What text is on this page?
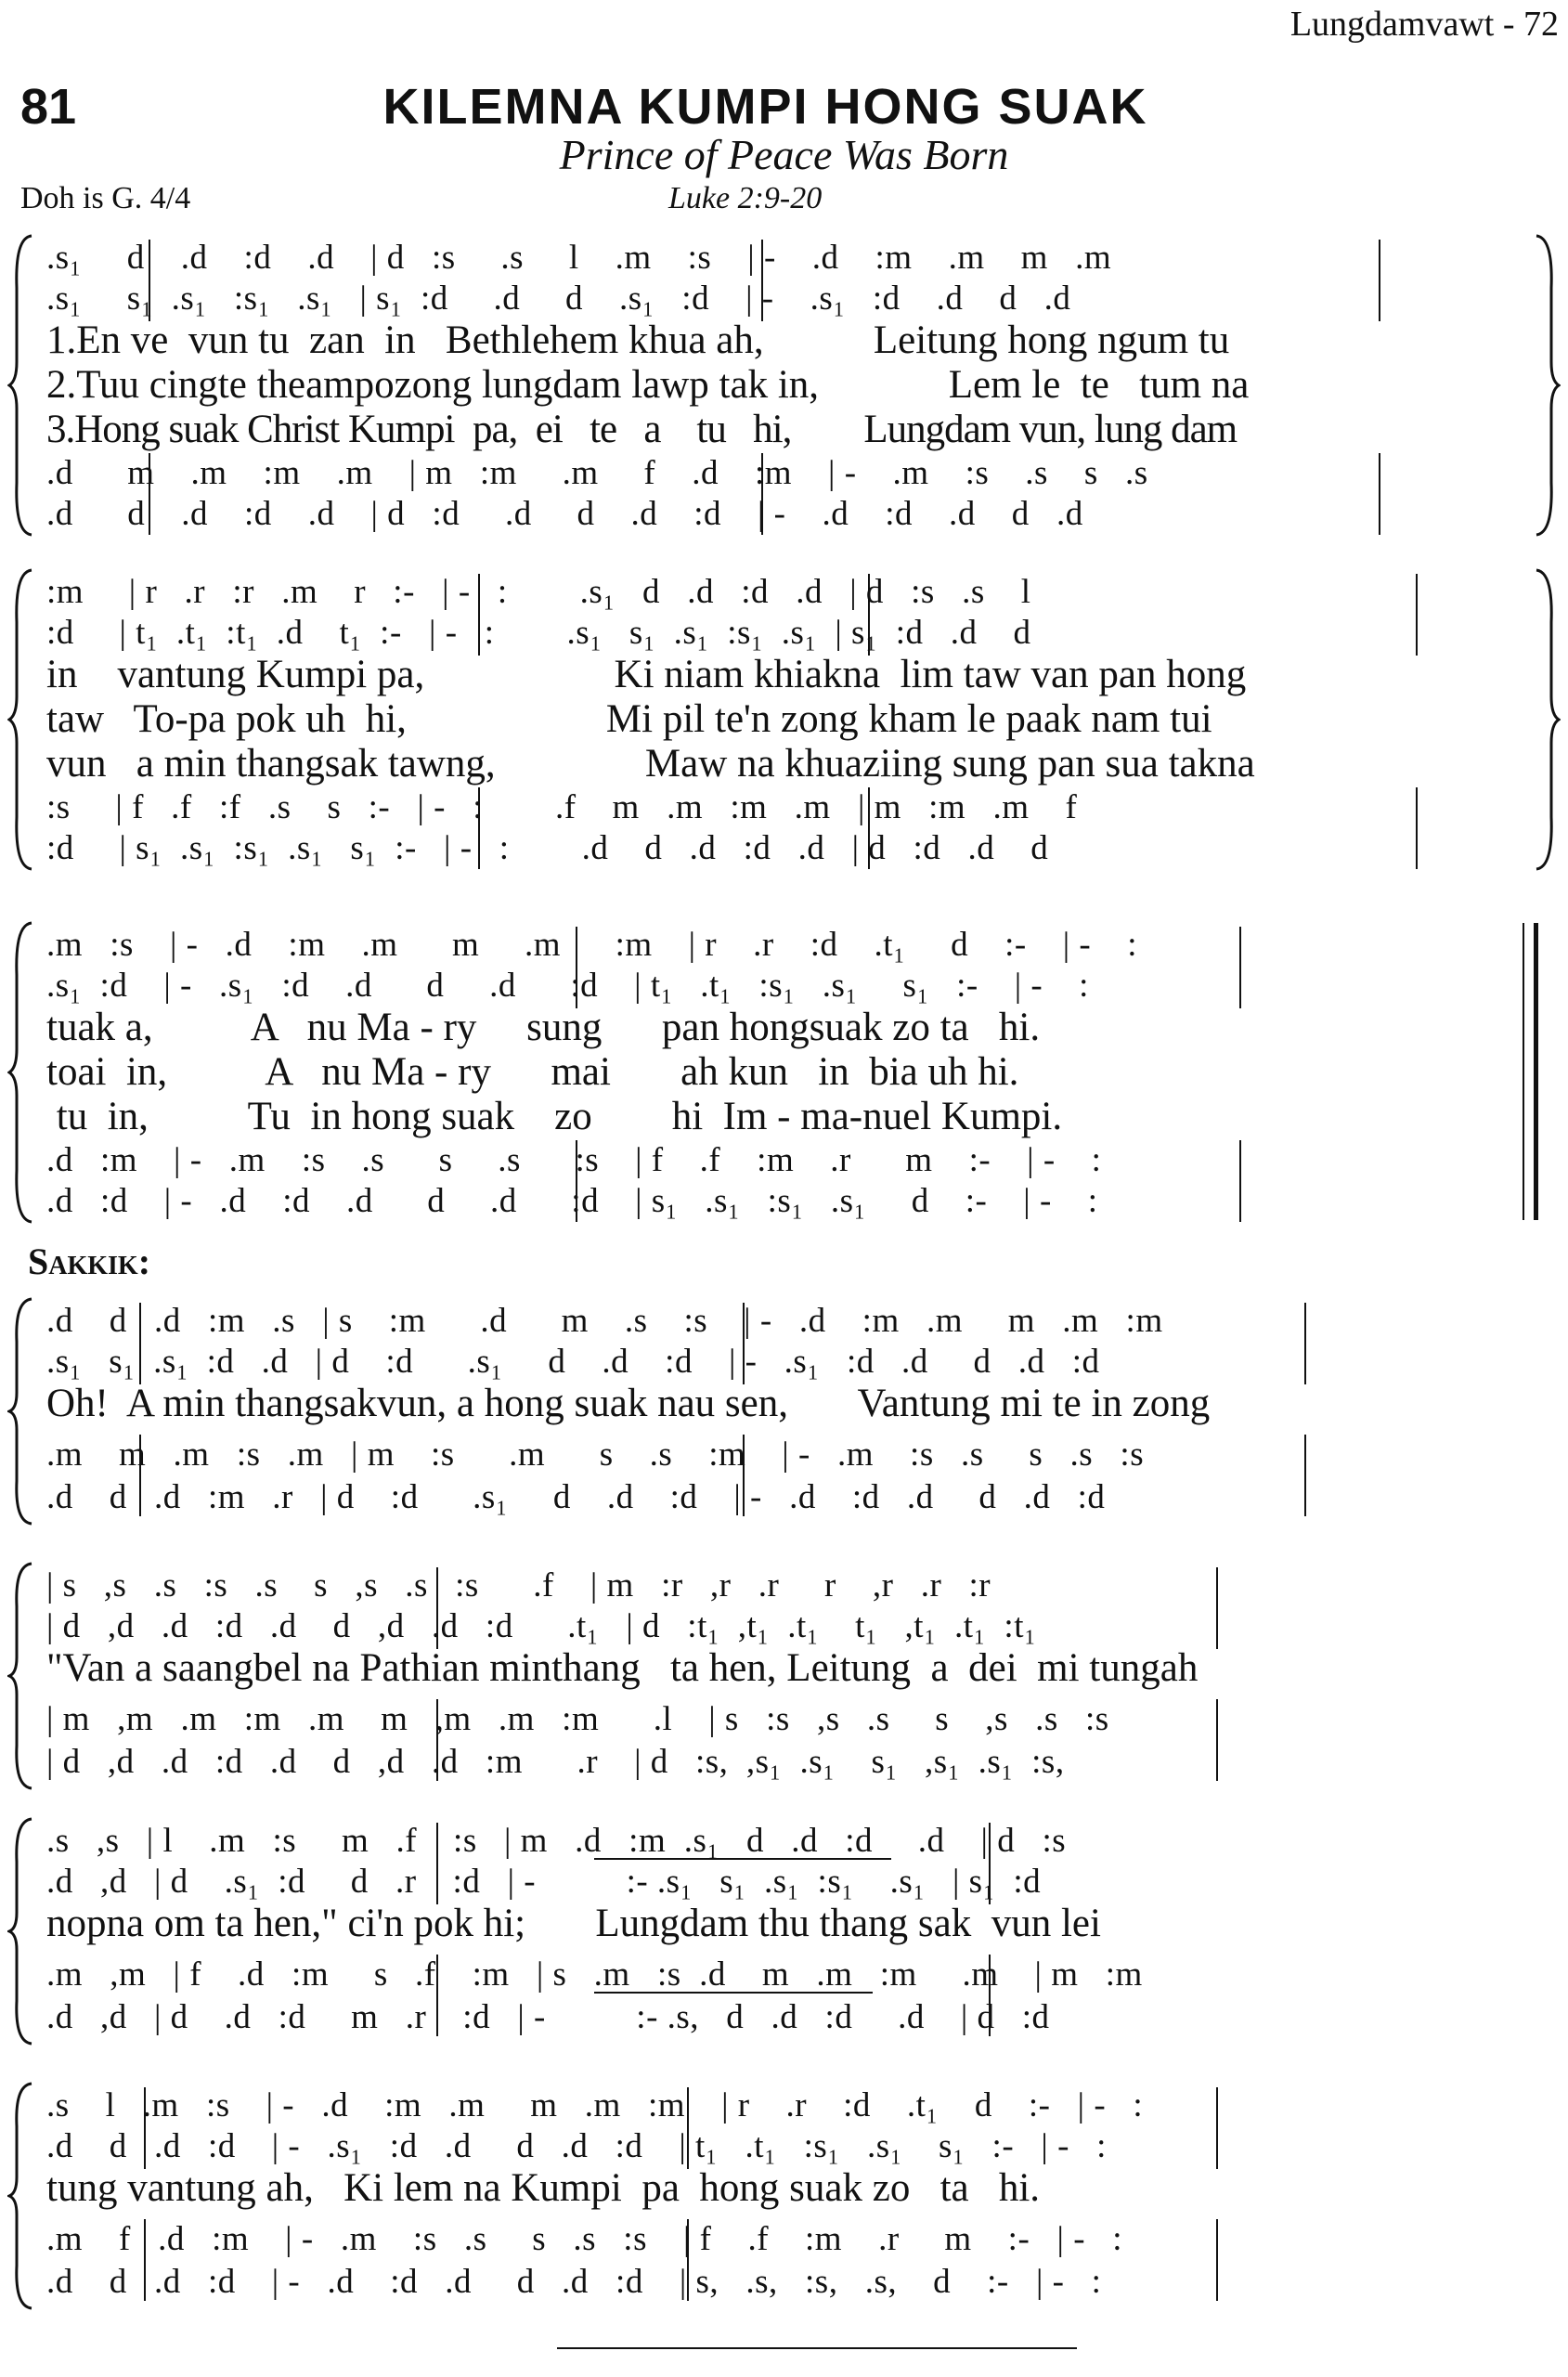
Lungdamvawt - 72
81	KILEMNA KUMPI HONG SUAK
Prince of Peace Was Born
Doh is G. 4/4	Luke 2:9-20
.s₁     d    .d    :d    .d    | d   :s     .s     l    .m    :s    | -    .d    :m    .m    m   .m
.s₁     s₁  .s₁   :s₁   .s₁   | s₁  :d     .d     d    .s₁   :d    | -    .s₁   :d    .d    d   .d
1.En ve  vun tu  zan  in   Bethlehem khua ah,           Leitung hong ngum tu
2.Tuu cingte theampozong lungdam lawp tak in,             Lem le  te   tum na
3.Hong suak Christ Kumpi  pa,  ei   te   a    tu   hi,        Lungdam vun, lung dam
.d      m    .m    :m    .m    | m   :m     .m     f    .d    :m    | -    .m    :s    .s    s   .s
.d      d    .d    :d    .d    | d   :d     .d     d    .d    :d    | -    .d    :d    .d    d   .d
:m     | r   .r   :r   .m    r   :-   | -   :        .s₁   d   .d   :d   .d   | d   :s   .s    l
:d     | t₁  .t₁  :t₁  .d    t₁  :-   | -   :        .s₁   s₁  .s₁  :s₁  .s₁  | s₁  :d   .d    d
in    vantung Kumpi pa,                   Ki niam khiakna  lim taw van pan hong
taw   To-pa pok uh  hi,                    Mi pil te'n zong kham le paak nam tui
vun   a min thangsak tawng,               Maw na khuaziing sung pan sua takna
:s     | f   .f   :f   .s    s   :-   | -   :        .f    m   .m   :m   .m   | m   :m   .m    f
:d     | s₁  .s₁  :s₁  .s₁   s₁  :-   | -   :        .d    d   .d   :d   .d   | d   :d   .d    d
.m   :s    | -   .d    :m    .m      m     .m      :m    | r    .r    :d    .t₁     d    :-    | -    :
.s₁  :d    | -   .s₁   :d    .d      d     .d      :d    | t₁   .t₁   :s₁   .s₁     s₁   :-    | -    :
tuak a,          A   nu Ma - ry     sung      pan hongsuak zo ta   hi.
toai  in,          A   nu Ma - ry      mai       ah kun   in  bia uh hi.
tu  in,          Tu  in hong suak    zo        hi  Im - ma-nuel Kumpi.
.d   :m    | -   .m    :s    .s      s     .s      :s    | f    .f    :m    .r      m    :-    | -    :
.d   :d    | -   .d    :d    .d      d     .d      :d    | s₁   .s₁   :s₁   .s₁     d    :-    | -    :
Sakkik:
.d    d   .d   :m   .s   | s    :m      .d      m    .s    :s    | -   .d    :m   .m     m   .m   :m
.s₁   s₁  .s₁  :d   .d   | d    :d      .s₁     d    .d    :d    | -   .s₁   :d   .d     d   .d   :d
Oh!  A min thangsakvun, a hong suak nau sen,       Vantung mi te in zong
.m    m   .m   :s   .m   | m    :s      .m      s    .s    :m    | -   .m    :s   .s     s   .s   :s
.d    d   .d   :m   .r   | d    :d      .s₁     d    .d    :d    | -   .d    :d   .d     d   .d   :d
| s   ,s   .s   :s   .s    s   ,s   .s   :s      .f    | m   :r   ,r   .r     r    ,r   .r   :r
| d   ,d   .d   :d   .d    d   ,d   .d   :d      .t₁   | d   :t₁  ,t₁  .t₁    t₁   ,t₁  .t₁  :t₁
"Van a saangbel na Pathian minthang   ta hen, Leitung  a  dei  mi tungah
| m   ,m   .m   :m   .m    m   ,m   .m   :m      .l    | s   :s   ,s   .s     s    ,s   .s   :s
| d   ,d   .d   :d   .d    d   ,d   .d   :m      .r    | d   :s,  ,s₁  .s₁    s₁   ,s₁  .s₁  :s,
.s   ,s   | l    .m   :s     m   .f    :s   | m   .d   :m  .s₁   d   .d   :d     .d    | d   :s
.d   ,d   | d    .s₁  :d     d   .r    :d   | -          :- .s₁   s₁  .s₁  :s₁    .s₁   | s₁  :d
nopna om ta hen," ci'n pok hi;       Lungdam thu thang sak  vun lei
.m   ,m   | f    .d   :m     s   .f    :m   | s   .m   :s  .d    m   .m   :m     .m    | m   :m
.d   ,d   | d    .d   :d     m   .r    :d   | -          :- .s,   d   .d   :d     .d    | d   :d
.s    l   .m   :s    | -   .d    :m   .m     m   .m   :m    | r    .r    :d    .t₁    d    :-   | -   :
.d    d   .d   :d    | -   .s₁   :d   .d     d   .d   :d    | t₁   .t₁   :s₁   .s₁    s₁   :-   | -   :
tung vantung ah,   Ki lem na Kumpi  pa  hong suak zo   ta   hi.
.m    f   .d   :m    | -   .m    :s   .s     s   .s   :s    | f    .f    :m    .r     m    :-   | -   :
.d    d   .d   :d    | -   .d    :d   .d     d   .d   :d    | s,   .s,   :s,   .s,    d    :-   | -   :
